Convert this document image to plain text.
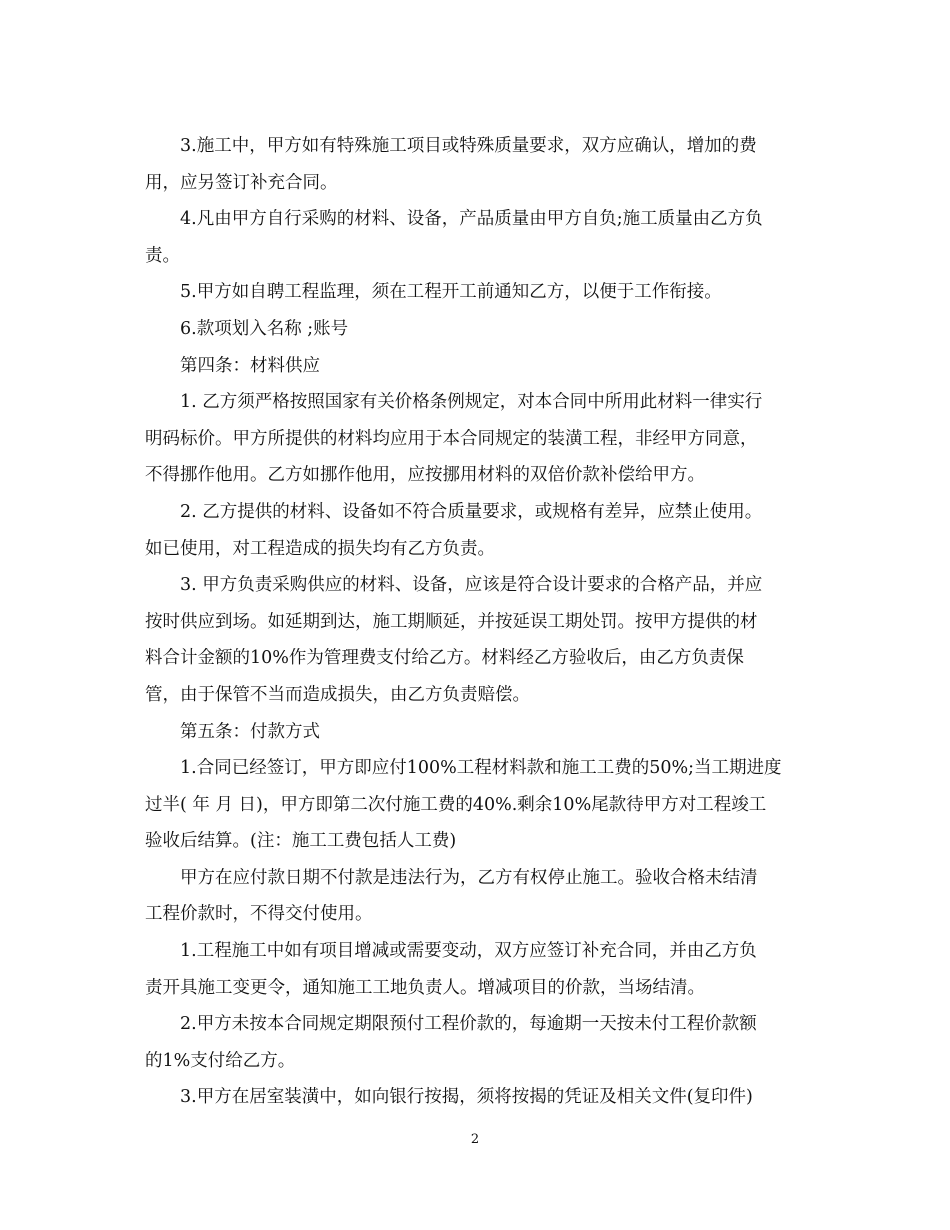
3.施工中，甲方如有特殊施工项目或特殊质量要求，双方应确认，增加的费
用，应另签订补充合同。
4.凡由甲方自行采购的材料、设备，产品质量由甲方自负;施工质量由乙方负
责。
5.甲方如自聘工程监理，须在工程开工前通知乙方，以便于工作衔接。
6.款项划入名称 ;账号
第四条：材料供应
1. 乙方须严格按照国家有关价格条例规定，对本合同中所用此材料一律实行
明码标价。甲方所提供的材料均应用于本合同规定的装潢工程，非经甲方同意，
不得挪作他用。乙方如挪作他用，应按挪用材料的双倍价款补偿给甲方。
2. 乙方提供的材料、设备如不符合质量要求，或规格有差异，应禁止使用。
如已使用，对工程造成的损失均有乙方负责。
3. 甲方负责采购供应的材料、设备，应该是符合设计要求的合格产品，并应
按时供应到场。如延期到达，施工期顺延，并按延误工期处罚。按甲方提供的材
料合计金额的10%作为管理费支付给乙方。材料经乙方验收后，由乙方负责保
管，由于保管不当而造成损失，由乙方负责赔偿。
第五条：付款方式
1.合同已经签订，甲方即应付100%工程材料款和施工工费的50%;当工期进度
过半( 年 月 日)，甲方即第二次付施工费的40%.剩余10%尾款待甲方对工程竣工
验收后结算。(注：施工工费包括人工费)
甲方在应付款日期不付款是违法行为，乙方有权停止施工。验收合格未结清
工程价款时，不得交付使用。
1.工程施工中如有项目增减或需要变动，双方应签订补充合同，并由乙方负
责开具施工变更令，通知施工工地负责人。增减项目的价款，当场结清。
2.甲方未按本合同规定期限预付工程价款的，每逾期一天按未付工程价款额
的1%支付给乙方。
3.甲方在居室装潢中，如向银行按揭，须将按揭的凭证及相关文件(复印件)
2
